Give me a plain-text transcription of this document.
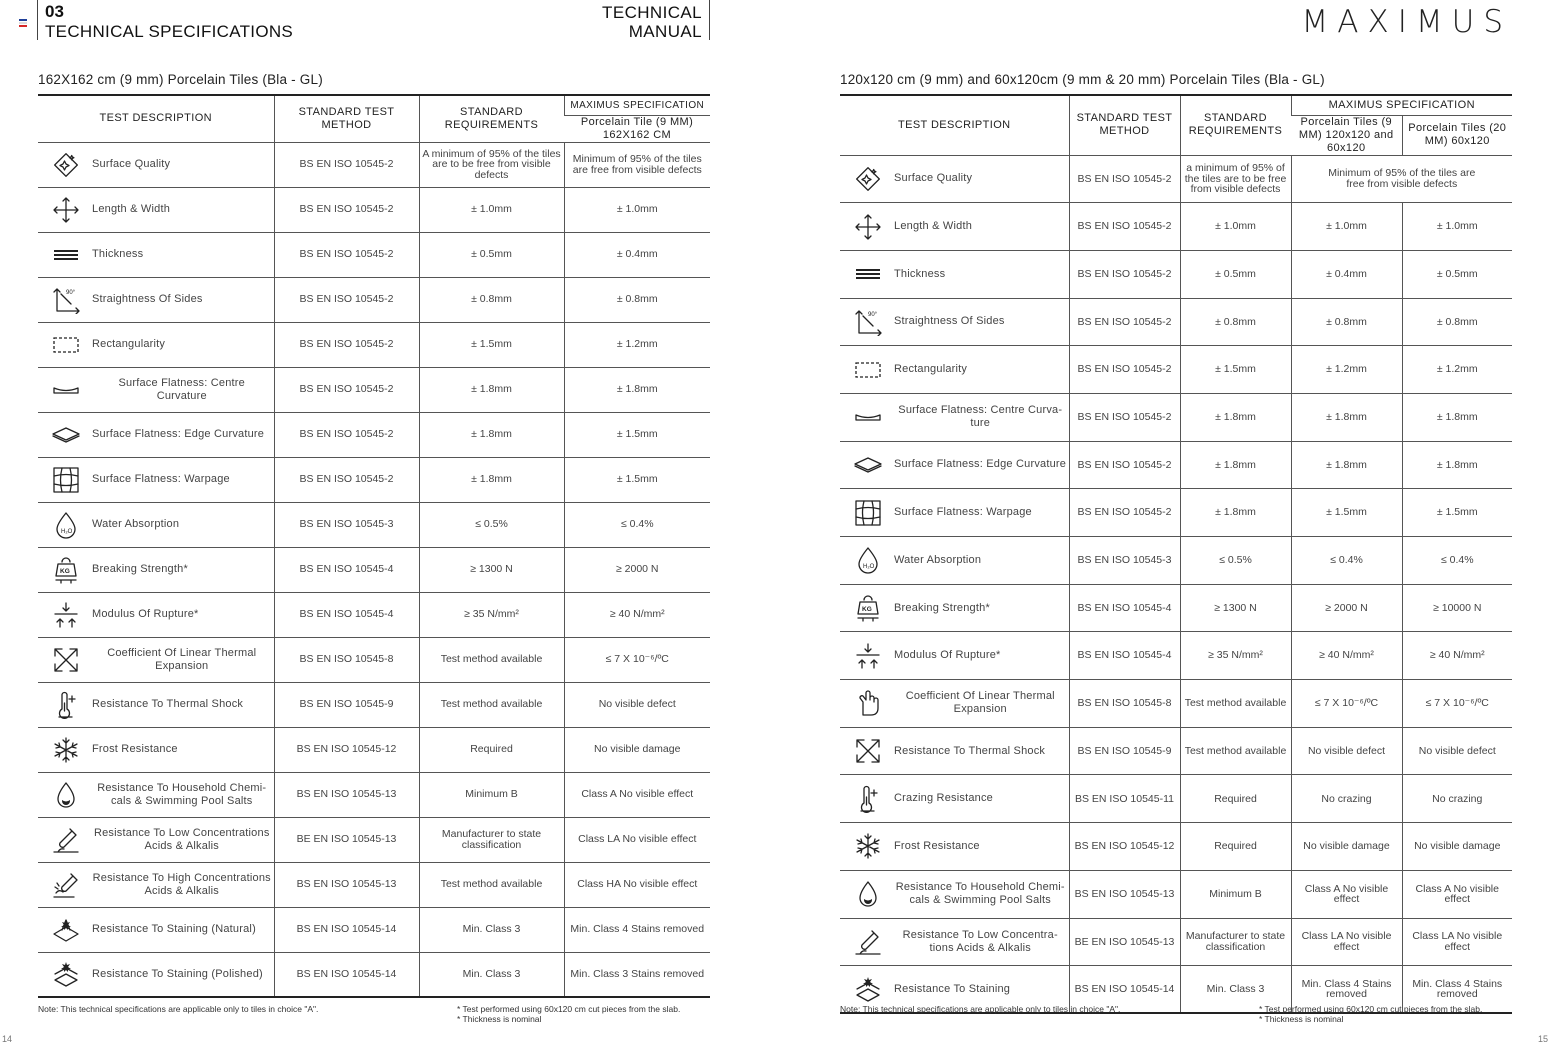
03
TECHNICAL SPECIFICATIONS
TECHNICAL
MANUAL	MAXIMUS
162X162 cm (9 mm) Porcelain Tiles (Bla - GL)
TEST DESCRIPTION	STANDARD TEST METHOD	STANDARD REQUIREMENTS	MAXIMUS SPECIFICATION
			Porcelain Tile (9 MM) 162X162 CM

Surface Quality	BS EN ISO 10545-2	A minimum of 95% of the tiles are to be free from visible defects	Minimum of 95% of the tiles are free from visible defects

Length & Width	BS EN ISO 10545-2	± 1.0mm	± 1.0mm

Thickness	BS EN ISO 10545-2	± 0.5mm	± 0.4mm

90°
Straightness Of Sides	BS EN ISO 10545-2	± 0.8mm	± 0.8mm

Rectangularity	BS EN ISO 10545-2	± 1.5mm	± 1.2mm

Surface Flatness: Centre Curvature	BS EN ISO 10545-2	± 1.8mm	± 1.8mm

Surface Flatness: Edge Curvature	BS EN ISO 10545-2	± 1.8mm	± 1.5mm

Surface Flatness: Warpage	BS EN ISO 10545-2	± 1.8mm	± 1.5mm

H₂O
Water Absorption	BS EN ISO 10545-3	≤ 0.5%	≤ 0.4%

KG Breaking Strength*	BS EN ISO 10545-4	≥ 1300 N	≥ 2000 N

Modulus Of Rupture*	BS EN ISO 10545-4	≥ 35 N/mm²	≥ 40 N/mm²

Coefficient Of Linear Thermal Expansion	BS EN ISO 10545-8	Test method available	≤ 7 X 10⁻⁶/ºC

Resistance To Thermal Shock	BS EN ISO 10545-9	Test method available	No visible defect

Frost Resistance	BS EN ISO 10545-12	Required	No visible damage

Resistance To Household Chemi- cals & Swimming Pool Salts	BS EN ISO 10545-13	Minimum B	Class A No visible effect

Resistance To Low Concentrations Acids & Alkalis	BE EN ISO 10545-13	Manufacturer to state classification	Class LA No visible effect

Resistance To High Concentrations Acids & Alkalis	BS EN ISO 10545-13	Test method available	Class HA No visible effect

Resistance To Staining (Natural)	BS EN ISO 10545-14	Min. Class 3	Min. Class 4 Stains removed

Resistance To Staining (Polished)	BS EN ISO 10545-14	Min. Class 3	Min. Class 3 Stains removed
Note: This technical specifications are applicable only to tiles in choice "A".	* Test performed using 60x120 cm cut pieces from the slab.
* Thickness is nominal
14
120x120 cm (9 mm) and 60x120cm (9 mm & 20 mm) Porcelain Tiles (Bla - GL)
TEST DESCRIPTION	STANDARD TEST METHOD	STANDARD REQUIREMENTS	MAXIMUS SPECIFICATION	
			Porcelain Tiles (9 MM) 120x120 and 60x120	Porcelain Tiles (20 MM) 60x120

Surface Quality	BS EN ISO 10545-2	a minimum of 95% of the tiles are to be free from visible defects	Minimum of 95% of the tiles are free from visible defects	

Length & Width	BS EN ISO 10545-2	± 1.0mm	± 1.0mm	± 1.0mm

Thickness	BS EN ISO 10545-2	± 0.5mm	± 0.4mm	± 0.5mm

90°
Straightness Of Sides	BS EN ISO 10545-2	± 0.8mm	± 0.8mm	± 0.8mm

Rectangularity	BS EN ISO 10545-2	± 1.5mm	± 1.2mm	± 1.2mm

Surface Flatness: Centre Curva- ture	BS EN ISO 10545-2	± 1.8mm	± 1.8mm	± 1.8mm

Surface Flatness: Edge Curvature	BS EN ISO 10545-2	± 1.8mm	± 1.8mm	± 1.8mm

Surface Flatness: Warpage	BS EN ISO 10545-2	± 1.8mm	± 1.5mm	± 1.5mm

H₂O
Water Absorption	BS EN ISO 10545-3	≤ 0.5%	≤ 0.4%	≤ 0.4%

KG Breaking Strength*	BS EN ISO 10545-4	≥ 1300 N	≥ 2000 N	≥ 10000 N

Modulus Of Rupture*	BS EN ISO 10545-4	≥ 35 N/mm²	≥ 40 N/mm²	≥ 40 N/mm²

Coefficient Of Linear Thermal Expansion	BS EN ISO 10545-8	Test method available	≤ 7 X 10⁻⁶/ºC	≤ 7 X 10⁻⁶/ºC

Resistance To Thermal Shock	BS EN ISO 10545-9	Test method available	No visible defect	No visible defect

Crazing Resistance	BS EN ISO 10545-11	Required	No crazing	No crazing

Frost Resistance	BS EN ISO 10545-12	Required	No visible damage	No visible damage

Resistance To Household Chemi- cals & Swimming Pool Salts	BS EN ISO 10545-13	Minimum B	Class A No visible effect	Class A No visible effect

Resistance To Low Concentra- tions Acids & Alkalis	BE EN ISO 10545-13	Manufacturer to state classification	Class LA No visible effect	Class LA No visible effect

Resistance To Staining	BS EN ISO 10545-14	Min. Class 3	Min. Class 4 Stains removed	Min. Class 4 Stains removed
Note: This technical specifications are applicable only to tiles in choice "A".	* Test performed using 60x120 cm cut pieces from the slab.
* Thickness is nominal
15
